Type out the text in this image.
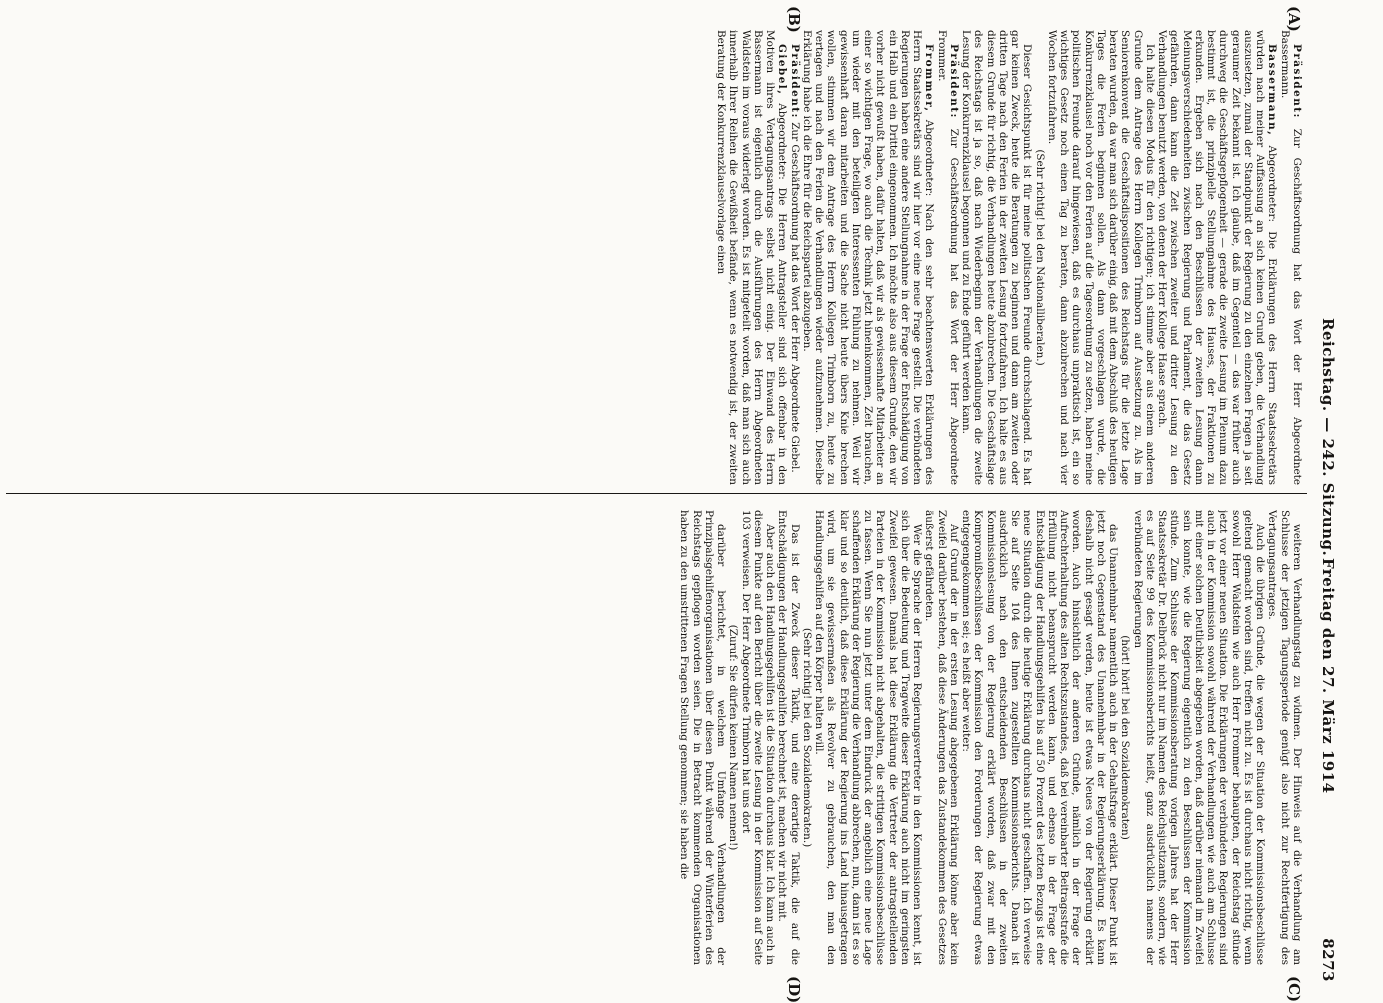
Reichstag. — 242. Sitzung.
Freitag den 27. März 1914
8273
(A)
(B)
(C)
(D)

Präsident: Zur Geschäftsordnung hat das Wort der Herr Abgeordnete Bassermann.

Bassermann, Abgeordneter: Die Erklärungen des Herrn Staatssekretärs würden nach meiner Auffassung an sich keinen Grund geben, die Verhandlung auszusetzen, zumal der Standpunkt der Regierung zu den einzelnen Fragen ja seit geraumer Zeit bekannt ist. Ich glaube, daß im Gegenteil — das war früher auch durchweg die Geschäftsgepflogenheit — gerade die zweite Lesung im Plenum dazu bestimmt ist, die prinzipielle Stellungnahme des Hauses, der Fraktionen zu erkunden. Ergeben sich nach den Beschlüssen der zweiten Lesung dann Meinungsverschiedenheiten zwischen Regierung und Parlament, die das Gesetz gefährden, dann kann die Zeit zwischen zweiter und dritter Lesung zu den Verhandlungen benutzt werden, von denen der Herr Kollege Haase sprach.

Ich halte diesen Modus für den richtigen; ich stimme aber aus einem anderen Grunde dem Antrage des Herrn Kollegen Trimborn auf Aussetzung zu. Als im Seniorenkonvent die Geschäftsdispositionen des Reichstags für die letzte Lage beraten wurden, da war man sich darüber einig, daß mit dem Abschluß des heutigen Tages die Ferien beginnen sollen. Als dann vorgeschlagen wurde, die Konkurrenzklausel noch vor den Ferien auf die Tagesordnung zu setzen, haben meine politischen Freunde darauf hingewiesen, daß es durchaus unpraktisch ist, ein so wichtiges Gesetz noch einen Tag zu beraten, dann abzubrechen und nach vier Wochen fortzufahren.

(Sehr richtig! bei den Nationalliberalen.)

Dieser Gesichtspunkt ist für meine politischen Freunde durchschlagend. Es hat gar keinen Zweck, heute die Beratungen zu beginnen und dann am zweiten oder dritten Tage nach den Ferien in der zweiten Lesung fortzufahren. Ich halte es aus diesem Grunde für richtig, die Verhandlungen heute abzubrechen. Die Geschäftslage des Reichstags ist ja so, daß nach Wiederbeginn der Verhandlungen die zweite Lesung der Konkurrenzklausel begonnen und zu Ende geführt werden kann.

Präsident: Zur Geschäftsordnung hat das Wort der Herr Abgeordnete Frommer.

Frommer, Abgeordneter: Nach den sehr beachtenswerten Erklärungen des Herrn Staatssekretärs sind wir hier vor eine neue Frage gestellt. Die verbündeten Regierungen haben eine andere Stellungnahme in der Frage der Entschädigung von ein Halb und ein Drittel eingenommen. Ich möchte also aus diesem Grunde, den wir vorher nicht gewußt haben, dafür halten, daß wir als gewissenhafte Mitarbeiter an einer so wichtigen Frage, wo auch die Technik jetzt hineinkommen, Zeit brauchen, um wieder mit den beteiligten Interessenten Fühlung zu nehmen. Weil wir gewissenhaft daran mitarbeiten und die Sache nicht heute übers Knie brechen wollen, stimmen wir dem Antrage des Herrn Kollegen Trimborn zu, heute zu vertagen und nach den Ferien die Verhandlungen wieder aufzunehmen. Dieselbe Erklärung habe ich die Ehre für die Reichspartei abzugeben.

Präsident: Zur Geschäftsordnung hat das Wort der Herr Abgeordnete Giebel.

Giebel, Abgeordneter: Die Herren Antragsteller sind sich offenbar in den Motiven ihres Vertagungsantrags selbst nicht einig. Der Einwand des Herrn Bassermann ist eigentlich durch die Ausführungen des Herrn Abgeordneten Waldstein im voraus widerlegt worden. Es ist mitgeteilt worden, daß man sich auch innerhalb Ihrer Reihen die Gewißheit befände, wenn es notwendig ist, der zweiten Beratung der Konkurrenzklauselvorlage einen

weiteren Verhandlungstag zu widmen. Der Hinweis auf die Verhandlung am Schlusse der jetzigen Tagungsperiode genügt also nicht zur Rechtfertigung des Vertagungsantrages.

Auch die übrigen Gründe, die wegen der Situation der Kommissionsbeschlüsse geltend gemacht worden sind, treffen nicht zu. Es ist durchaus nicht richtig, wenn sowohl Herr Waldstein wie auch Herr Frommer behaupten, der Reichstag stünde jetzt vor einer neuen Situation. Die Erklärungen der verbündeten Regierungen sind auch in der Kommission sowohl während der Verhandlungen wie auch am Schlusse mit einer solchen Deutlichkeit abgegeben worden, daß darüber niemand im Zweifel sein konnte, wie die Regierung eigentlich zu den Beschlüssen der Kommission stünde. Zum Schlusse der Kommissionsberatung vorigen Jahres hat der Herr Staatssekretär Dr. Delbrück nicht nur im Namen des Reichsjustizamts, sondern, wie es auf Seite 99 des Kommissionsberichts heißt, ganz ausdrücklich namens der verbündeten Regierungen

(hört! hört! bei den Sozialdemokraten)

das Unannehmbar namentlich auch in der Gehaltsfrage erklärt. Dieser Punkt ist jetzt noch Gegenstand des Unannehmbar in der Regierungserklärung. Es kann deshalb nicht gesagt werden, heute ist etwas Neues von der Regierung erklärt worden. Auch hinsichtlich der anderen Gründe, nämlich in der Frage der Aufrechterhaltung des alten Rechtszustandes, daß bei vereinbarter Beitragsstrafe die Erfüllung nicht beansprucht werden kann, und ebenso in der Frage der Entschädigung der Handlungsgehilfen bis auf 50 Prozent des letzten Bezugs ist eine neue Situation durch die heutige Erklärung durchaus nicht geschaffen. Ich verweise Sie auf Seite 104 des Ihnen zugestellten Kommissionsberichts. Danach ist ausdrücklich nach den entscheidenden Beschlüssen in der zweiten Kommissionslesung von der Regierung erklärt worden, daß zwar mit den Kompromißbeschlüssen der Kommission den Forderungen der Regierung etwas entgegengekommen sei; es heißt aber weiter:

Auf Grund der in der ersten Lesung abgegebenen Erklärung könne aber kein Zweifel darüber bestehen, daß diese Änderungen das Zustandekommen des Gesetzes äußerst gefährdeten.

Wer die Sprache der Herren Regierungsvertreter in den Kommissionen kennt, ist sich über die Bedeutung und Tragweite dieser Erklärung auch nicht im geringsten Zweifel gewesen. Damals hat diese Erklärung die Vertreter der antragstellenden Parteien in der Kommission nicht abgehalten, die strittigen Kommissionsbeschlüsse zu fassen. Wenn Sie nun jetzt unter dem Eindruck der angeblich eine neue Lage schaffenden Erklärung der Regierung die Verhandlung abbrechen, nun, dann ist es so klar und so deutlich, daß diese Erklärung der Regierung ins Land hinausgetragen wird, um sie gewissermaßen als Revolver zu gebrauchen, den man den Handlungsgehilfen auf den Körper halten will.

(Sehr richtig! bei den Sozialdemokraten.)

Das ist der Zweck dieser Taktik, und eine derartige Taktik, die auf die Entschädigungen der Handlungsgehilfen berechnet ist, machen wir nicht mit.

Aber auch den Handlungsgehilfen ist die Situation durchaus klar. Ich kann auch in diesem Punkte auf den Bericht über die zweite Lesung in der Kommission auf Seite 103 verweisen. Der Herr Abgeordnete Trimborn hat uns dort

(Zuruf: Sie dürfen keinen Namen nennen!)

darüber berichtet, in welchem Umfange Verhandlungen der Prinzipalsgehilfenorganisationen über diesen Punkt während der Winterferien des Reichstags gepflogen worden seien. Die in Betracht kommenden Organisationen haben zu den umstrittenen Fragen Stellung genommen; sie haben die
